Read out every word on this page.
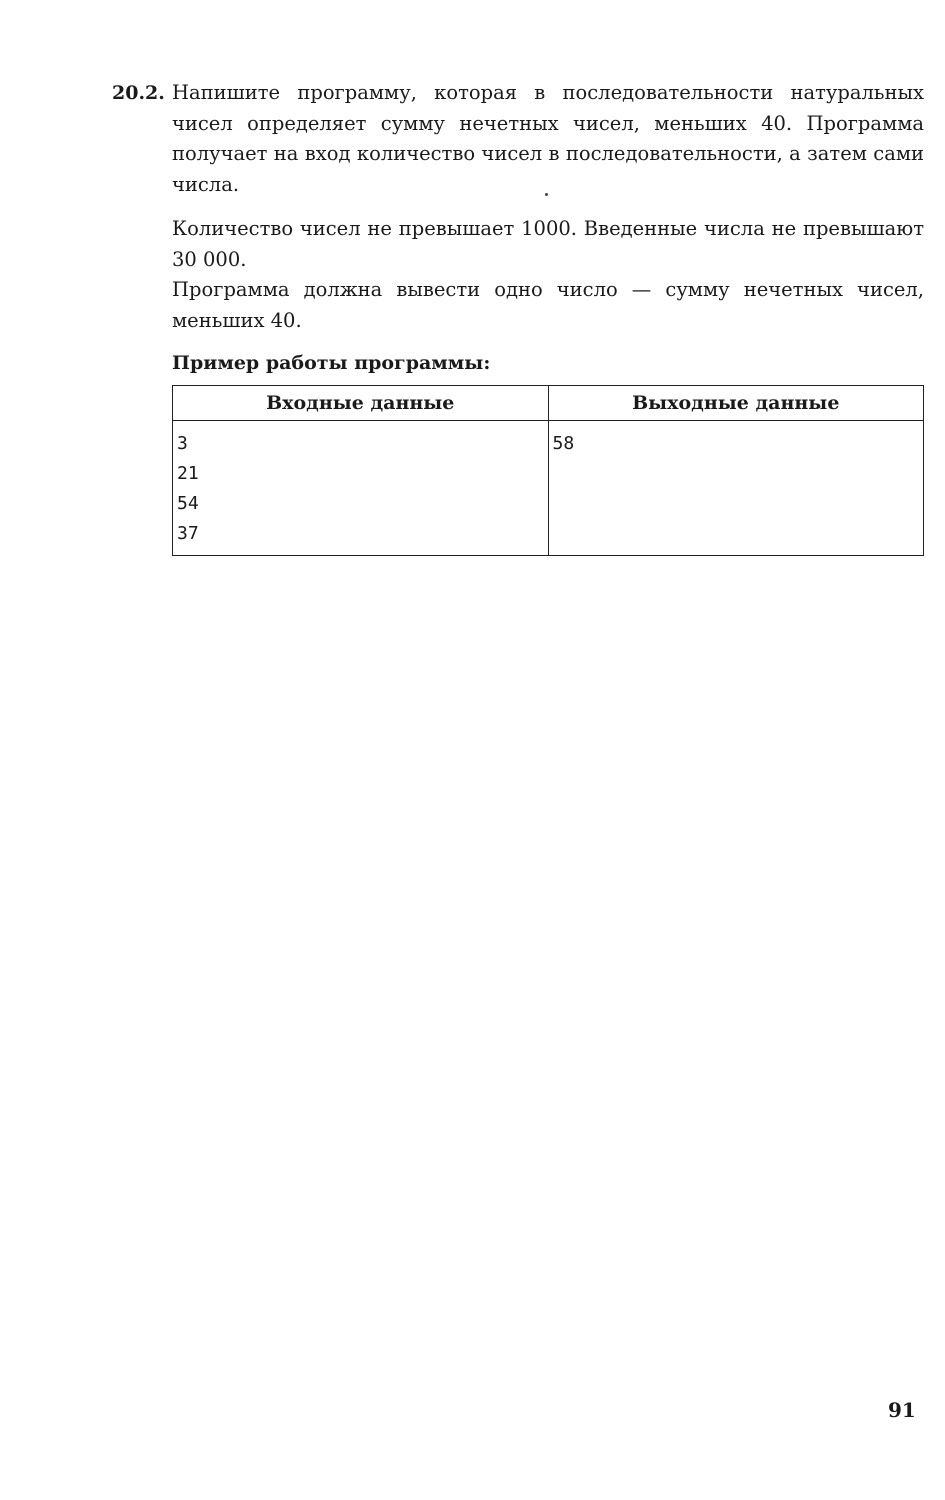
20.2. Напишите программу, которая в последовательности натуральных чисел определяет сумму нечетных чисел, меньших 40. Программа получает на вход количество чисел в последовательности, а затем сами числа.

Количество чисел не превышает 1000. Введенные числа не превышают 30 000.

Программа должна вывести одно число — сумму нечетных чисел, меньших 40.

Пример работы программы:

Входные данные	Выходные данные

3
21
54
37	58
91
